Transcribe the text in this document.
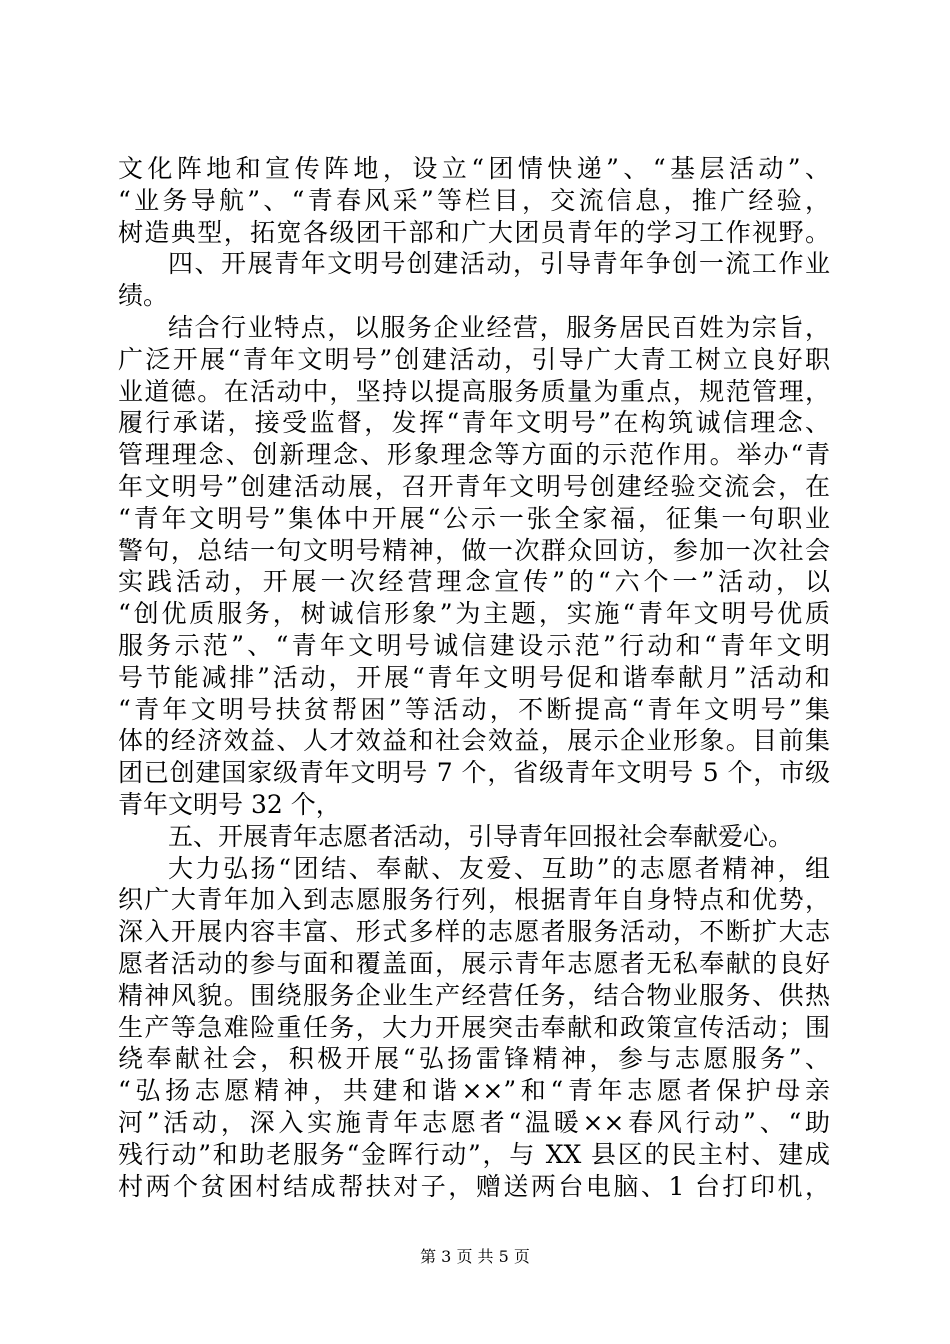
文化阵地和宣传阵地，设立“团情快递”、“基层活动”、
“业务导航”、“青春风采”等栏目，交流信息，推广经验，
树造典型，拓宽各级团干部和广大团员青年的学习工作视野。
四、开展青年文明号创建活动，引导青年争创一流工作业
绩。
结合行业特点，以服务企业经营，服务居民百姓为宗旨，
广泛开展“青年文明号”创建活动，引导广大青工树立良好职
业道德。在活动中，坚持以提高服务质量为重点，规范管理，
履行承诺，接受监督，发挥“青年文明号”在构筑诚信理念、
管理理念、创新理念、形象理念等方面的示范作用。举办“青
年文明号”创建活动展，召开青年文明号创建经验交流会，在
“青年文明号”集体中开展“公示一张全家福，征集一句职业
警句，总结一句文明号精神，做一次群众回访，参加一次社会
实践活动，开展一次经营理念宣传”的“六个一”活动，以
“创优质服务，树诚信形象”为主题，实施“青年文明号优质
服务示范”、“青年文明号诚信建设示范”行动和“青年文明
号节能减排”活动，开展“青年文明号促和谐奉献月”活动和
“青年文明号扶贫帮困”等活动，不断提高“青年文明号”集
体的经济效益、人才效益和社会效益，展示企业形象。目前集
团已创建国家级青年文明号 7 个，省级青年文明号 5 个，市级
青年文明号 32 个，
五、开展青年志愿者活动，引导青年回报社会奉献爱心。
大力弘扬“团结、奉献、友爱、互助”的志愿者精神，组
织广大青年加入到志愿服务行列，根据青年自身特点和优势，
深入开展内容丰富、形式多样的志愿者服务活动，不断扩大志
愿者活动的参与面和覆盖面，展示青年志愿者无私奉献的良好
精神风貌。围绕服务企业生产经营任务，结合物业服务、供热
生产等急难险重任务，大力开展突击奉献和政策宣传活动；围
绕奉献社会，积极开展“弘扬雷锋精神，参与志愿服务”、
“弘扬志愿精神，共建和谐××”和“青年志愿者保护母亲
河”活动，深入实施青年志愿者“温暖××春风行动”、“助
残行动”和助老服务“金晖行动”，与 XX 县区的民主村、建成
村两个贫困村结成帮扶对子，赠送两台电脑、1 台打印机，
第 3 页 共 5 页
